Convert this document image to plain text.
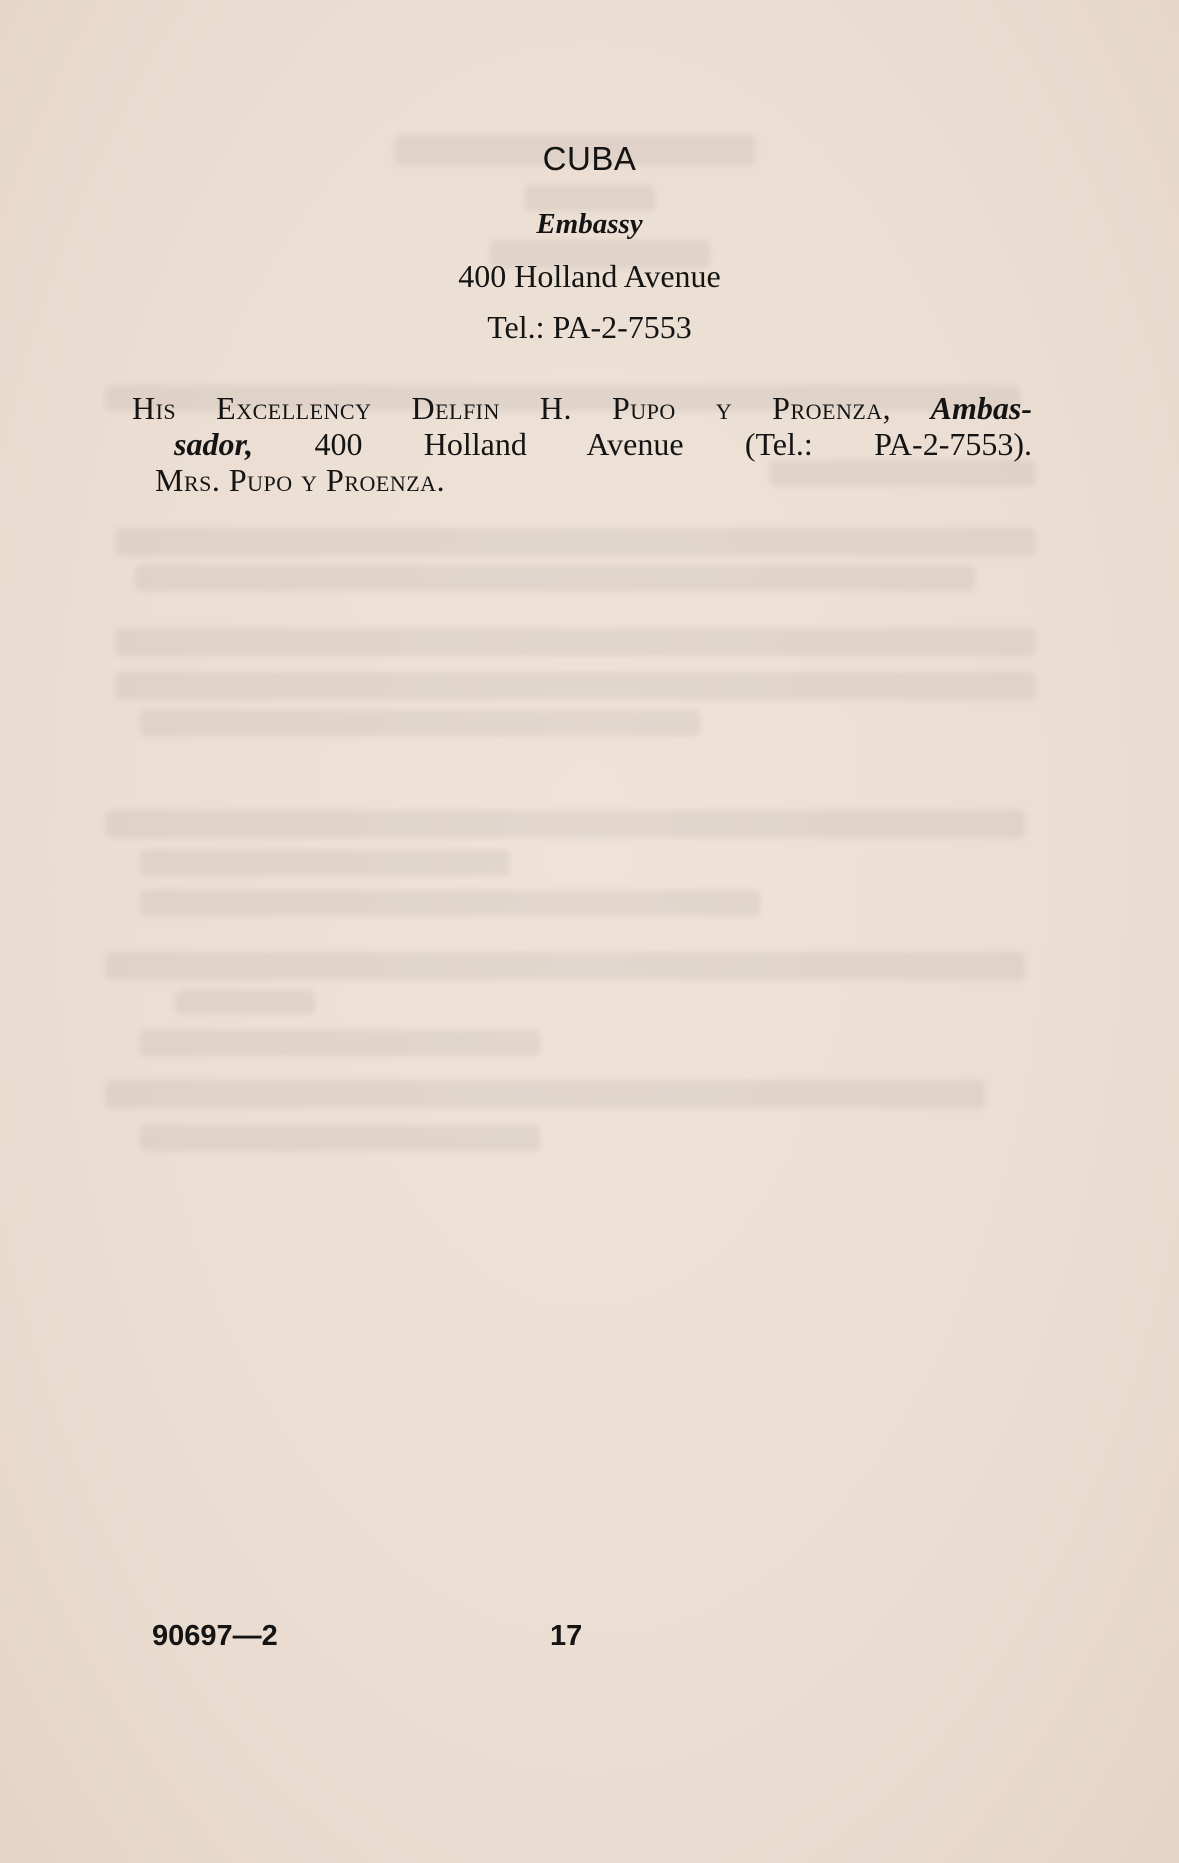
CUBA
Embassy
400 Holland Avenue
Tel.: PA-2-7553
His Excellency Delfin H. Pupo y Proenza, Ambas-
sador, 400 Holland Avenue (Tel.: PA-2-7553).
Mrs. Pupo y Proenza.
90697—2	17
